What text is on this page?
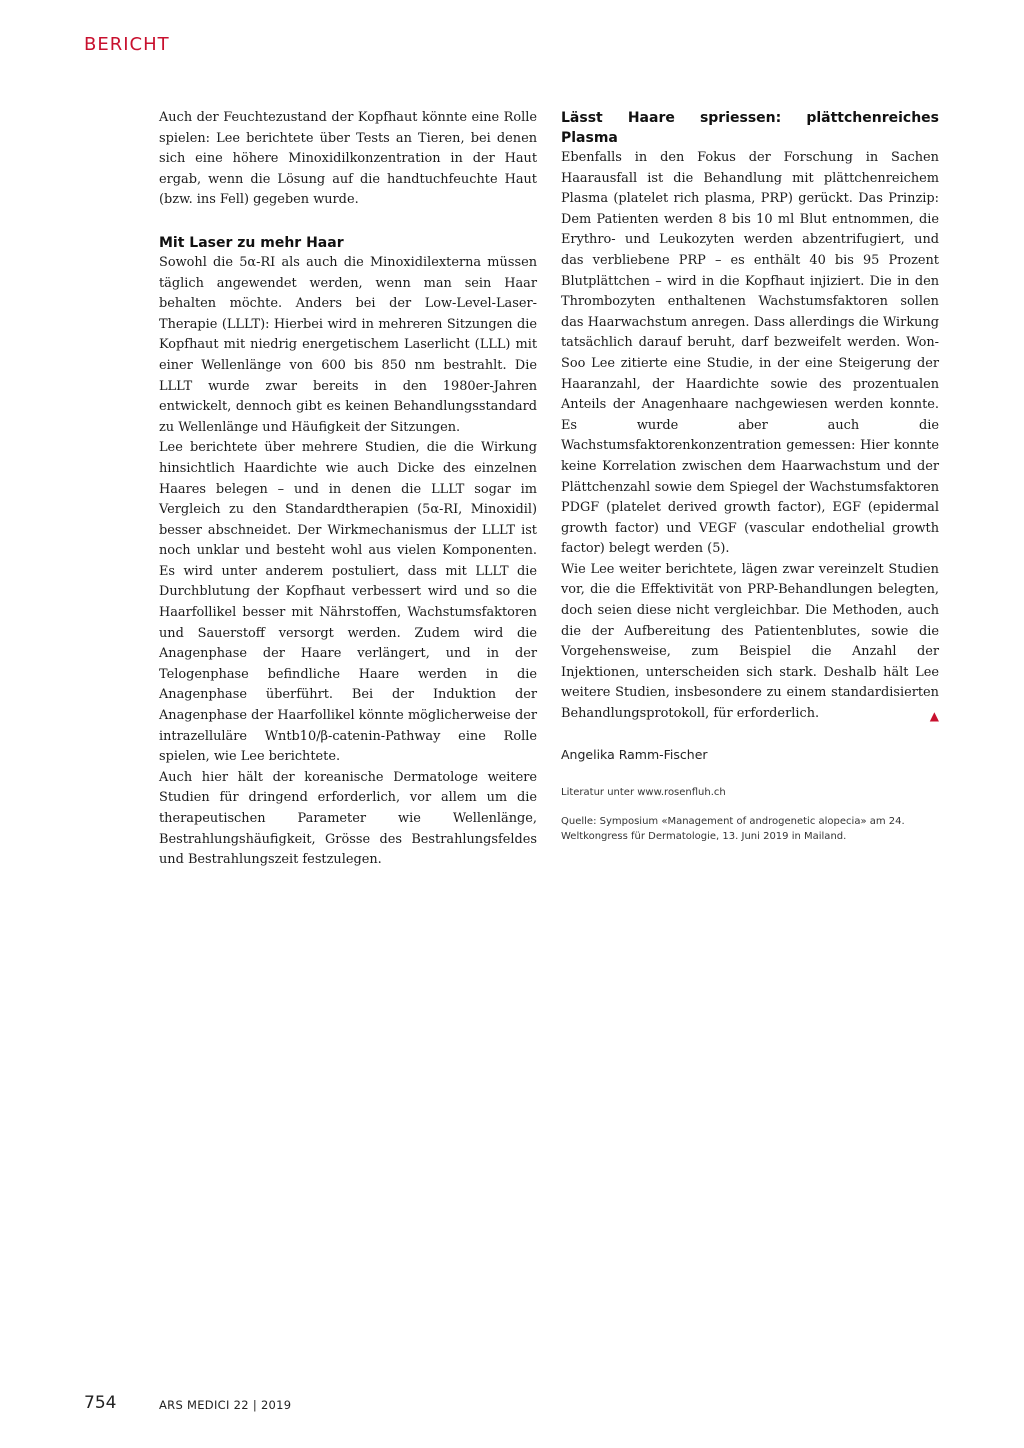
BERICHT

Auch der Feuchtezustand der Kopfhaut könnte eine Rolle spielen: Lee berichtete über Tests an Tieren, bei denen sich eine höhere Minoxidilkonzentration in der Haut ergab, wenn die Lösung auf die handtuchfeuchte Haut (bzw. ins Fell) gegeben wurde.

Mit Laser zu mehr Haar

Sowohl die 5α-RI als auch die Minoxidilexterna müssen täglich angewendet werden, wenn man sein Haar behalten möchte. Anders bei der Low-Level-Laser-Therapie (LLLT): Hierbei wird in mehreren Sitzungen die Kopfhaut mit niedrig energetischem Laserlicht (LLL) mit einer Wellenlänge von 600 bis 850 nm bestrahlt. Die LLLT wurde zwar bereits in den 1980er-Jahren entwickelt, dennoch gibt es keinen Behandlungsstandard zu Wellenlänge und Häufigkeit der Sitzungen.

Lee berichtete über mehrere Studien, die die Wirkung hinsichtlich Haardichte wie auch Dicke des einzelnen Haares belegen – und in denen die LLLT sogar im Vergleich zu den Standardtherapien (5α-RI, Minoxidil) besser abschneidet. Der Wirkmechanismus der LLLT ist noch unklar und besteht wohl aus vielen Komponenten. Es wird unter anderem postuliert, dass mit LLLT die Durchblutung der Kopfhaut verbessert wird und so die Haarfollikel besser mit Nährstoffen, Wachstumsfaktoren und Sauerstoff versorgt werden. Zudem wird die Anagenphase der Haare verlängert, und in der Telogenphase befindliche Haare werden in die Anagenphase überführt. Bei der Induktion der Anagenphase der Haarfollikel könnte möglicherweise der intrazelluläre Wntb10/β-catenin-Pathway eine Rolle spielen, wie Lee berichtete.

Auch hier hält der koreanische Dermatologe weitere Studien für dringend erforderlich, vor allem um die therapeutischen Parameter wie Wellenlänge, Bestrahlungshäufigkeit, Grösse des Bestrahlungsfeldes und Bestrahlungszeit festzulegen.

Lässt Haare spriessen: plättchenreiches Plasma

Ebenfalls in den Fokus der Forschung in Sachen Haarausfall ist die Behandlung mit plättchenreichem Plasma (platelet rich plasma, PRP) gerückt. Das Prinzip: Dem Patienten werden 8 bis 10 ml Blut entnommen, die Erythro- und Leukozyten werden abzentrifugiert, und das verbliebene PRP – es enthält 40 bis 95 Prozent Blutplättchen – wird in die Kopfhaut injiziert. Die in den Thrombozyten enthaltenen Wachstumsfaktoren sollen das Haarwachstum anregen. Dass allerdings die Wirkung tatsächlich darauf beruht, darf bezweifelt werden. Won-Soo Lee zitierte eine Studie, in der eine Steigerung der Haaranzahl, der Haardichte sowie des prozentualen Anteils der Anagenhaare nachgewiesen werden konnte. Es wurde aber auch die Wachstumsfaktorenkonzentration gemessen: Hier konnte keine Korrelation zwischen dem Haarwachstum und der Plättchenzahl sowie dem Spiegel der Wachstumsfaktoren PDGF (platelet derived growth factor), EGF (epidermal growth factor) und VEGF (vascular endothelial growth factor) belegt werden (5).

Wie Lee weiter berichtete, lägen zwar vereinzelt Studien vor, die die Effektivität von PRP-Behandlungen belegten, doch seien diese nicht vergleichbar. Die Methoden, auch die der Aufbereitung des Patientenblutes, sowie die Vorgehensweise, zum Beispiel die Anzahl der Injektionen, unterscheiden sich stark. Deshalb hält Lee weitere Studien, insbesondere zu einem standardisierten Behandlungsprotokoll, für erforderlich.	▲

Angelika Ramm-Fischer
Literatur unter www.rosenfluh.ch
Quelle: Symposium «Management of androgenetic alopecia» am 24. Weltkongress für Dermatologie, 13. Juni 2019 in Mailand.
754	ARS MEDICI 22 | 2019
